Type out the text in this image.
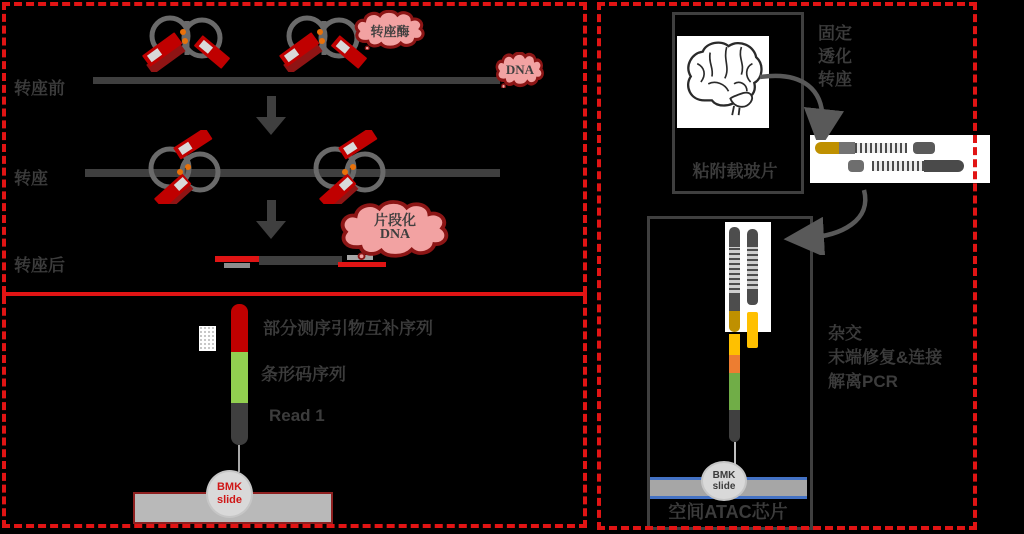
转座前
转座
转座后
转座酶
DNA
片段化
DNA
部分测序引物互补序列
条形码序列
Read 1
BMK
slide
粘附载玻片
固定
透化
转座
杂交
末端修复&连接
解离PCR
BMK
slide
空间ATAC芯片
